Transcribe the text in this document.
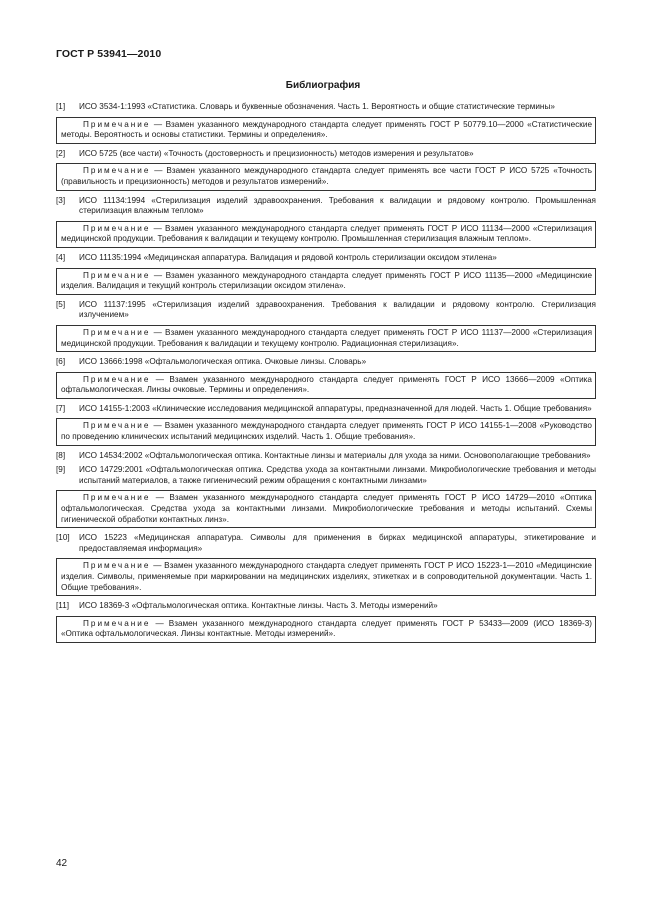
ГОСТ Р 53941—2010
Библиография
[1]	ИСО 3534-1:1993 «Статистика. Словарь и буквенные обозначения. Часть 1. Вероятность и общие статистические термины»
Примечание — Взамен указанного международного стандарта следует применять ГОСТ Р 50779.10—2000 «Статистические методы. Вероятность и основы статистики. Термины и определения».
[2]	ИСО 5725 (все части) «Точность (достоверность и прецизионность) методов измерения и результатов»
Примечание — Взамен указанного международного стандарта следует применять все части ГОСТ Р ИСО 5725 «Точность (правильность и прецизионность) методов и результатов измерений».
[3]	ИСО 11134:1994 «Стерилизация изделий здравоохранения. Требования к валидации и рядовому контролю. Промышленная стерилизация влажным теплом»
Примечание — Взамен указанного международного стандарта следует применять ГОСТ Р ИСО 11134—2000 «Стерилизация медицинской продукции. Требования к валидации и текущему контролю. Промышленная стерилизация влажным теплом».
[4]	ИСО 11135:1994 «Медицинская аппаратура. Валидация и рядовой контроль стерилизации оксидом этилена»
Примечание — Взамен указанного международного стандарта следует применять ГОСТ Р ИСО 11135—2000 «Медицинские изделия. Валидация и текущий контроль стерилизации оксидом этилена».
[5]	ИСО 11137:1995 «Стерилизация изделий здравоохранения. Требования к валидации и рядовому контролю. Стерилизация излучением»
Примечание — Взамен указанного международного стандарта следует применять ГОСТ Р ИСО 11137—2000 «Стерилизация медицинской продукции. Требования к валидации и текущему контролю. Радиационная стерилизация».
[6]	ИСО 13666:1998 «Офтальмологическая оптика. Очковые линзы. Словарь»
Примечание — Взамен указанного международного стандарта следует применять ГОСТ Р ИСО 13666—2009 «Оптика офтальмологическая. Линзы очковые. Термины и определения».
[7]	ИСО 14155-1:2003 «Клинические исследования медицинской аппаратуры, предназначенной для людей. Часть 1. Общие требования»
Примечание — Взамен указанного международного стандарта следует применять ГОСТ Р ИСО 14155-1—2008 «Руководство по проведению клинических испытаний медицинских изделий. Часть 1. Общие требования».
[8]	ИСО 14534:2002 «Офтальмологическая оптика. Контактные линзы и материалы для ухода за ними. Основополагающие требования»
[9]	ИСО 14729:2001 «Офтальмологическая оптика. Средства ухода за контактными линзами. Микробиологические требования и методы испытаний материалов, а также гигиенический режим обращения с контактными линзами»
Примечание — Взамен указанного международного стандарта следует применять ГОСТ Р ИСО 14729—2010 «Оптика офтальмологическая. Средства ухода за контактными линзами. Микробиологические требования и методы испытаний. Схемы гигиенической обработки контактных линз».
[10]	ИСО 15223 «Медицинская аппаратура. Символы для применения в бирках медицинской аппаратуры, этикетирование и предоставляемая информация»
Примечание — Взамен указанного международного стандарта следует применять ГОСТ Р ИСО 15223-1—2010 «Медицинские изделия. Символы, применяемые при маркировании на медицинских изделиях, этикетках и в сопроводительной документации. Часть 1. Общие требования».
[11]	ИСО 18369-3 «Офтальмологическая оптика. Контактные линзы. Часть 3. Методы измерений»
Примечание — Взамен указанного международного стандарта следует применять ГОСТ Р 53433—2009 (ИСО 18369-3) «Оптика офтальмологическая. Линзы контактные. Методы измерений».
42
